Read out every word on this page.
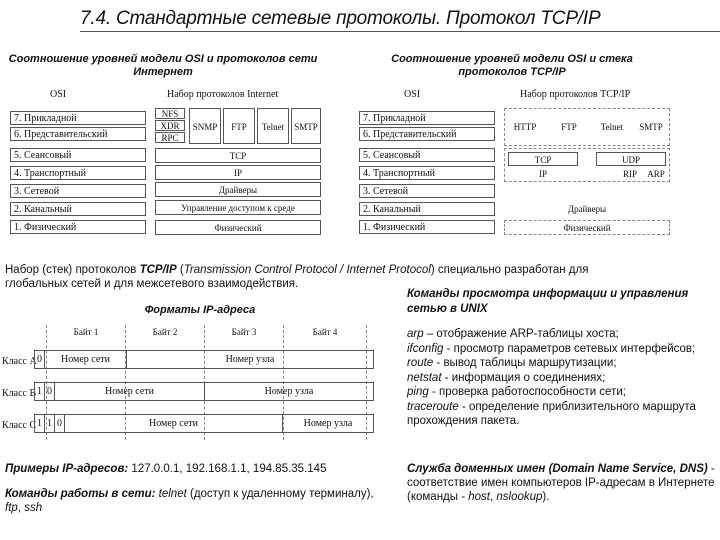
7.4. Стандартные сетевые протоколы. Протокол TCP/IP
Соотношение уровней модели OSI и протоколов сети Интернет
Соотношение уровней модели OSI и стека протоколов TCP/IP
OSI	Набор протоколов Internet
7. Прикладной
6. Представительский
5. Сеансовый
4. Транспортный
3. Сетевой
2. Канальный
1. Физический
NFS
XDR
RPC
SNMP	FTP	Telnet	SMTP
TCP
IP
Драйверы
Управление доступом к среде
Физический
OSI	Набор протоколов TCP/IP
7. Прикладной
6. Представительский
5. Сеансовый
4. Транспортный
3. Сетевой
2. Канальный
1. Физический
HTTP	FTP	Telnet	SMTP
TCP	UDP
IP	RIP	ARP
Драйверы
Физический
Набор (стек) протоколов TCP/IP (Transmission Control Protocol / Internet Protocol) специально разработан для
глобальных сетей и для межсетевого взаимодействия.
Форматы IP-адреса
Байт 1	Байт 2	Байт 3	Байт 4
Класс A 0	Номер сети	Номер узла
Класс B 1 0	Номер сети	Номер узла
Класс C 1 1 0	Номер сети	Номер узла
Команды просмотра информации и управления сетью в UNIX
arp – отображение ARP-таблицы хоста;
ifconfig - просмотр параметров сетевых интерфейсов;
route - вывод таблицы маршрутизации;
netstat - информация о соединениях;
ping - проверка работоспособности сети;
traceroute - определение приблизительного маршрута прохождения пакета.
Примеры IP-адресов: 127.0.0.1, 192.168.1.1, 194.85.35.145
Команды работы в сети: telnet (доступ к удаленному терминалу), ftp, ssh
Служба доменных имен (Domain Name Service, DNS) - соответствие имен компьютеров IP-адресам в Интернете (команды - host, nslookup).
